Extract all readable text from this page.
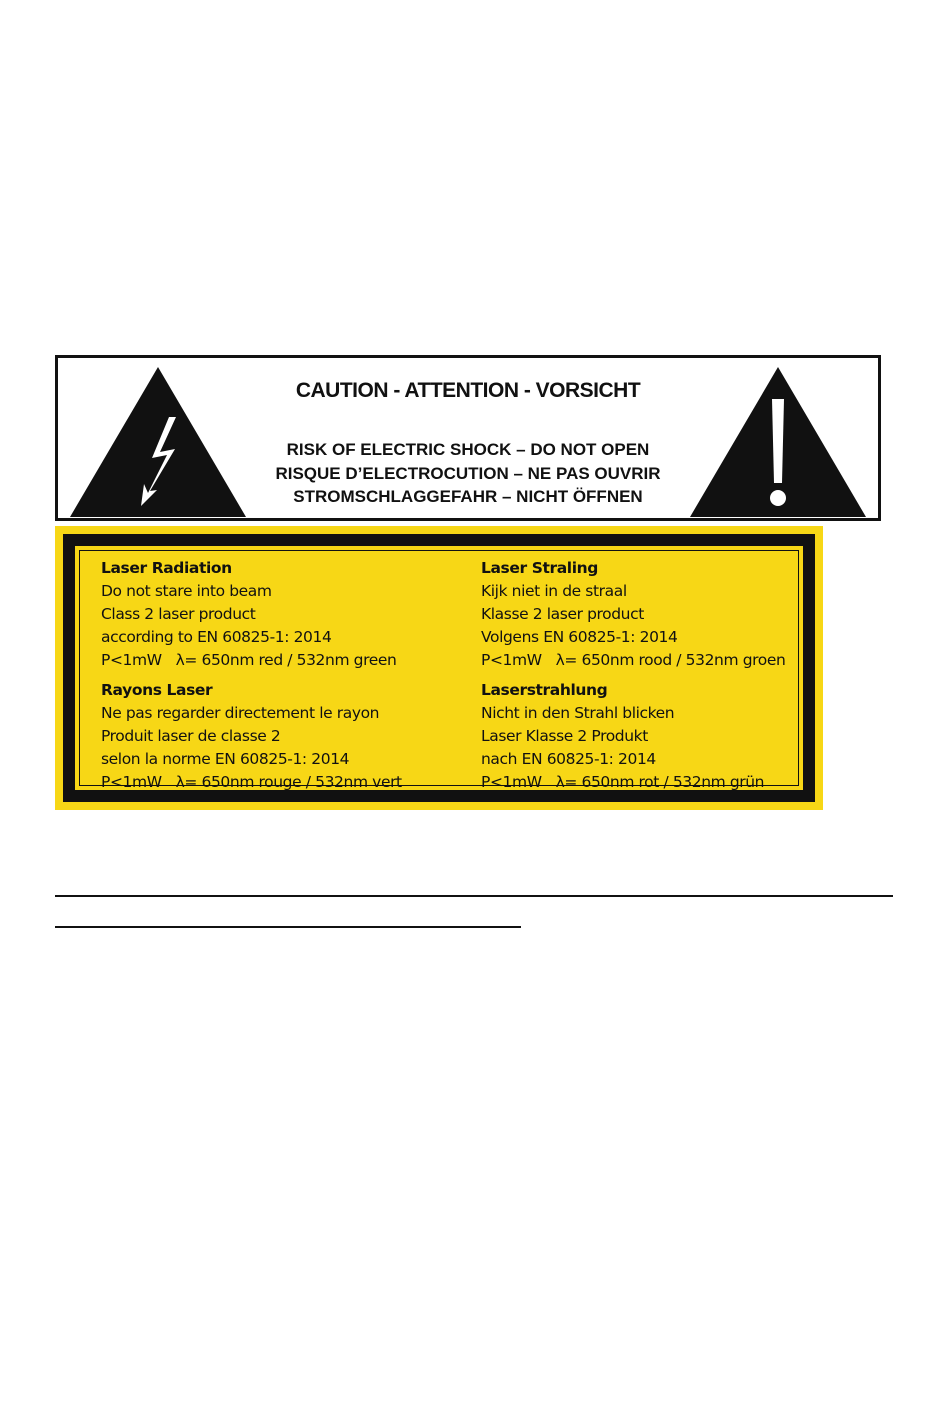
CAUTION - ATTENTION - VORSICHT
RISK OF ELECTRIC SHOCK – DO NOT OPEN
RISQUE D’ELECTROCUTION – NE PAS OUVRIR
STROMSCHLAGGEFAHR – NICHT ÖFFNEN
Laser Radiation
Do not stare into beam
Class 2 laser product
according to EN 60825-1: 2014
P<1mW λ= 650nm red / 532nm green
Laser Straling
Kijk niet in de straal
Klasse 2 laser product
Volgens EN 60825-1: 2014
P<1mW λ= 650nm rood / 532nm groen
Rayons Laser
Ne pas regarder directement le rayon
Produit laser de classe 2
selon la norme EN 60825-1: 2014
P<1mW λ= 650nm rouge / 532nm vert
Laserstrahlung
Nicht in den Strahl blicken
Laser Klasse 2 Produkt
nach EN 60825-1: 2014
P<1mW λ= 650nm rot / 532nm grün
